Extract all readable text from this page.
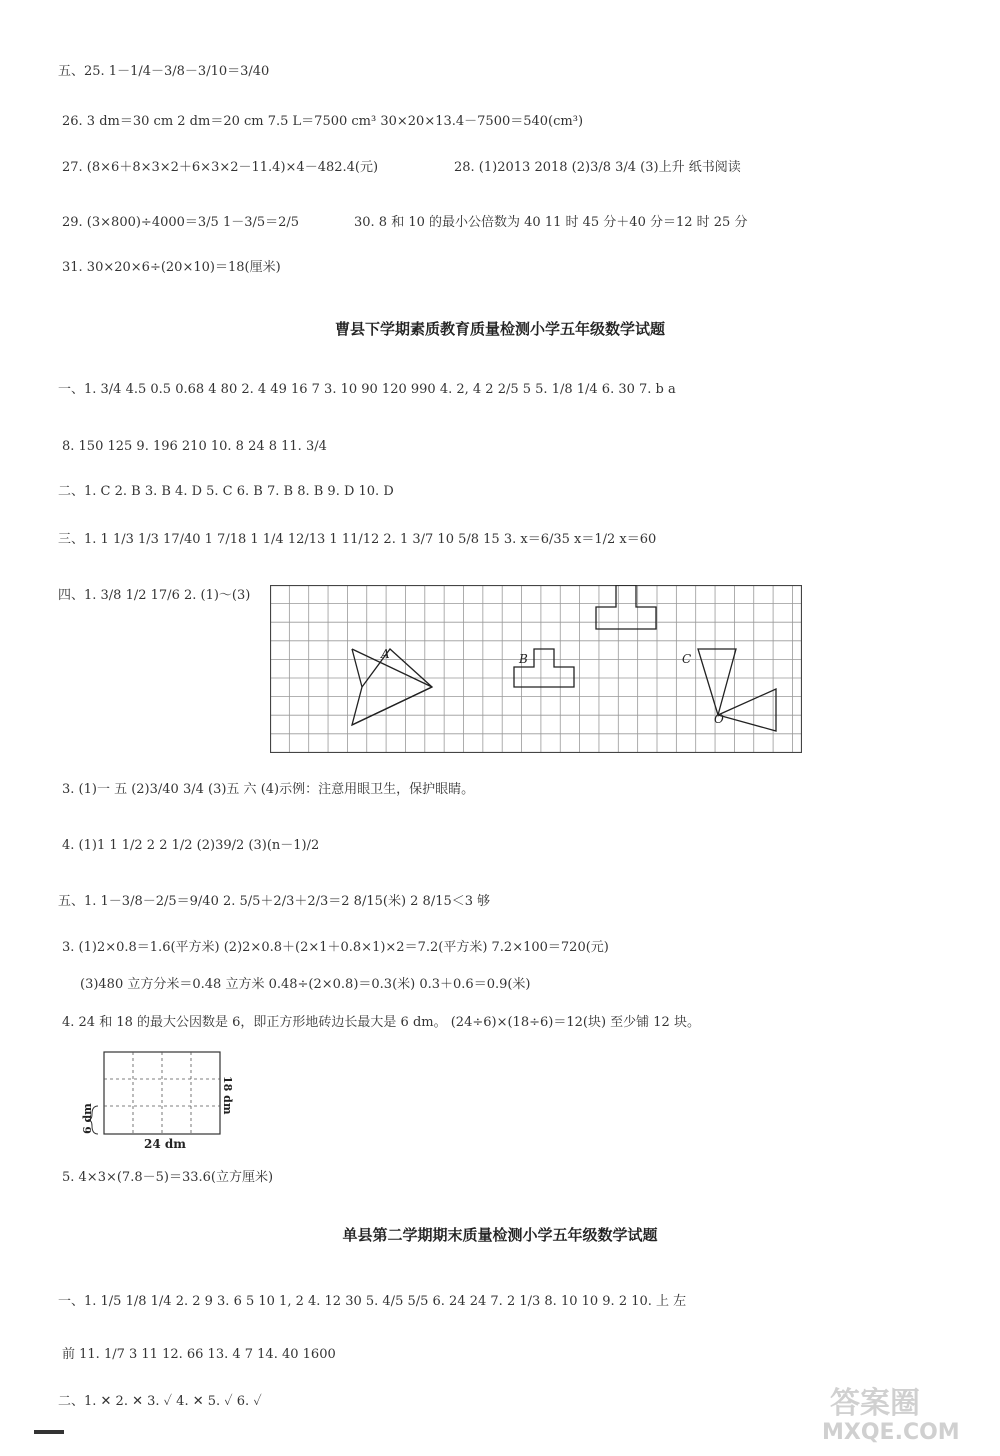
五、25. 1－1/4－3/8－3/10＝3/40
26. 3 dm＝30 cm 2 dm＝20 cm 7.5 L＝7500 cm³ 30×20×13.4－7500＝540(cm³)
27. (8×6＋8×3×2＋6×3×2－11.4)×4－482.4(元)	28. (1)2013 2018 (2)3/8 3/4 (3)上升 纸书阅读
29. (3×800)÷4000＝3/5 1－3/5＝2/5	30. 8 和 10 的最小公倍数为 40 11 时 45 分＋40 分＝12 时 25 分
31. 30×20×6÷(20×10)＝18(厘米)
曹县下学期素质教育质量检测小学五年级数学试题
一、1. 3/4 4.5 0.5 0.68 4 80 2. 4 49 16 7 3. 10 90 120 990 4. 2, 4 2 2/5 5 5. 1/8 1/4 6. 30 7. b a
8. 150 125 9. 196 210 10. 8 24 8 11. 3/4
二、1. C 2. B 3. B 4. D 5. C 6. B 7. B 8. B 9. D 10. D
三、1. 1 1/3 1/3 17/40 1 7/18 1 1/4 12/13 1 11/12 2. 1 3/7 10 5/8 15 3. x＝6/35 x＝1/2 x＝60
四、1. 3/8 1/2 17/6 2. (1)～(3)
A	B	C
O
3. (1)一 五 (2)3/40 3/4 (3)五 六 (4)示例：注意用眼卫生，保护眼睛。
4. (1)1 1 1/2 2 2 1/2 (2)39/2 (3)(n－1)/2
五、1. 1－3/8－2/5＝9/40 2. 5/5＋2/3＋2/3＝2 8/15(米) 2 8/15＜3 够
3. (1)2×0.8＝1.6(平方米) (2)2×0.8＋(2×1＋0.8×1)×2＝7.2(平方米) 7.2×100＝720(元)
(3)480 立方分米＝0.48 立方米 0.48÷(2×0.8)＝0.3(米) 0.3＋0.6＝0.9(米)
4. 24 和 18 的最大公因数是 6，即正方形地砖边长最大是 6 dm。 (24÷6)×(18÷6)＝12(块) 至少铺 12 块。
6 dm
18 dm
24 dm
5. 4×3×(7.8－5)＝33.6(立方厘米)
单县第二学期期末质量检测小学五年级数学试题
一、1. 1/5 1/8 1/4 2. 2 9 3. 6 5 10 1, 2 4. 12 30 5. 4/5 5/5 6. 24 24 7. 2 1/3 8. 10 10 9. 2 10. 上 左
前 11. 1/7 3 11 12. 66 13. 4 7 14. 40 1600
二、1. ✕ 2. ✕ 3. ✓ 4. ✕ 5. ✓ 6. ✓	答案圈
MXQE.COM
